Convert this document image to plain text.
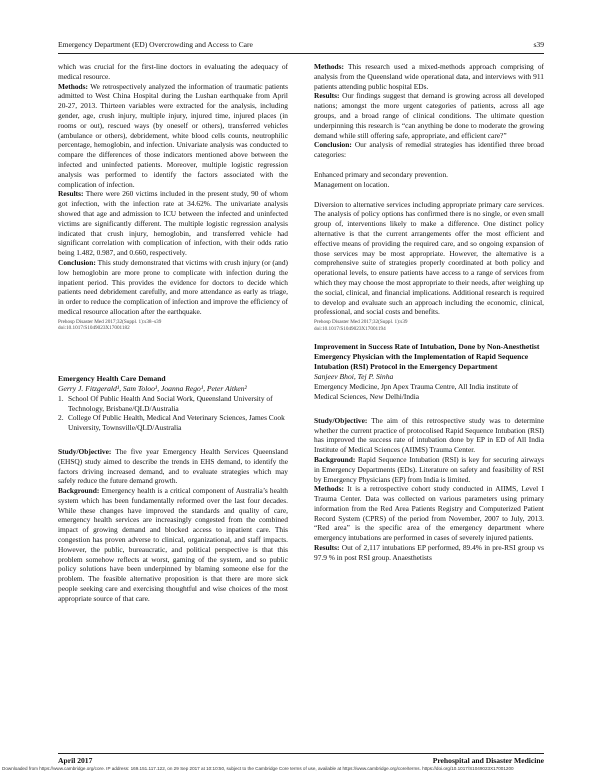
Emergency Department (ED) Overcrowding and Access to Care	s39

which was crucial for the first-line doctors in evaluating the adequacy of medical resource.

Methods: We retrospectively analyzed the information of traumatic patients admitted to West China Hospital during the Lushan earthquake from April 20-27, 2013. Thirteen variables were extracted for the analysis, including gender, age, crush injury, multiple injury, injured time, injured places (in rooms or out), rescued ways (by oneself or others), transferred vehicles (ambulance or others), debridement, white blood cells counts, neutrophilic percentage, hemoglobin, and infection. Univariate analysis was conducted to compare the differences of those indicators mentioned above between the infected and uninfected patients. Moreover, multiple logistic regression analysis was performed to identify the factors associated with the complication of infection.

Results: There were 260 victims included in the present study, 90 of whom got infection, with the infection rate at 34.62%. The univariate analysis showed that age and admission to ICU between the infected and uninfected victims are significantly different. The multiple logistic regression analysis indicated that crush injury, hemoglobin, and transferred vehicle had significant correlation with complication of infection, with their odds ratio being 1.482, 0.987, and 0.660, respectively.

Conclusion: This study demonstrated that victims with crush injury (or (and) low hemoglobin are more prone to complicate with infection during the inpatient period. This provides the evidence for doctors to decide which patients need debridement carefully, and more attendance as early as triage, in order to reduce the complication of infection and improve the efficiency of medical resource allocation after the earthquake.

Prehosp Disaster Med 2017;32(Suppl. 1):s38–s39

doi:10.1017/S1049023X17001182

Emergency Health Care Demand

Gerry J. Fitzgerald¹, Sam Toloo¹, Joanna Rego¹, Peter Aitken²

1. School Of Public Health And Social Work, Queensland University of Technology, Brisbane/QLD/Australia
2. College Of Public Health, Medical And Veterinary Sciences, James Cook University, Townsville/QLD/Australia

Study/Objective: The five year Emergency Health Services Queensland (EHSQ) study aimed to describe the trends in EHS demand, to identify the factors driving increased demand, and to evaluate strategies which may safely reduce the future demand growth.

Background: Emergency health is a critical component of Australia’s health system which has been fundamentally reformed over the last four decades. While these changes have improved the standards and quality of care, emergency health services are increasingly congested from the combined impact of growing demand and blocked access to inpatient care. This congestion has proven adverse to clinical, organizational, and staff impacts. However, the public, bureaucratic, and political perspective is that this problem somehow reflects at worst, gaming of the system, and so public policy solutions have been underpinned by blaming someone else for the problem. The feasible alternative proposition is that there are more sick people seeking care and exercising thoughtful and wise choices of the most appropriate source of that care.

Methods: This research used a mixed-methods approach comprising of analysis from the Queensland wide operational data, and interviews with 911 patients attending public hospital EDs.

Results: Our findings suggest that demand is growing across all developed nations; amongst the more urgent categories of patients, across all age groups, and a broad range of clinical conditions. The ultimate question underpinning this research is “can anything be done to moderate the growing demand while still offering safe, appropriate, and efficient care?”

Conclusion: Our analysis of remedial strategies has identified three broad categories:

Enhanced primary and secondary prevention.

Management on location.

Diversion to alternative services including appropriate primary care services. The analysis of policy options has confirmed there is no single, or even small group of, interventions likely to make a difference. One distinct policy alternative is that the current arrangements offer the most efficient and effective means of providing the required care, and so ongoing expansion of those services may be most appropriate. However, the alternative is a comprehensive suite of strategies properly coordinated at both policy and operational levels, to ensure patients have access to a range of services from which they may choose the most appropriate to their needs, after weighing up the social, clinical, and financial implications. Additional research is required to develop and evaluate such an approach including the economic, clinical, professional, and social costs and benefits.

Prehosp Disaster Med 2017;32(Suppl. 1):s39

doi:10.1017/S1049023X17001194

Improvement in Success Rate of Intubation, Done by Non-Anesthetist Emergency Physician with the Implementation of Rapid Sequence Intubation (RSI) Protocol in the Emergency Department

Sanjeev Bhoi, Tej P. Sinha

Emergency Medicine, Jpn Apex Trauma Centre, All India institute of Medical Sciences, New Delhi/India

Study/Objective: The aim of this retrospective study was to determine whether the current practice of protocolised Rapid Sequence Intubation (RSI) has improved the success rate of intubation done by EP in ED of All India Institute of Medical Sciences (AIIMS) Trauma Center.

Background: Rapid Sequence Intubation (RSI) is key for securing airways in Emergency Departments (EDs). Literature on safety and feasibility of RSI by Emergency Physicians (EP) from India is limited.

Methods: It is a retrospective cohort study conducted in AIIMS, Level I Trauma Center. Data was collected on various parameters using primary information from the Red Area Patients Registry and Computerized Patient Record System (CPRS) of the period from November, 2007 to July, 2013. “Red area” is the specific area of the emergency department where emergency intubations are performed in cases of severely injured patients.

Results: Out of 2,117 intubations EP performed, 89.4% in pre-RSI group vs 97.9 % in post RSI group. Anaesthetists

April 2017	Prehospital and Disaster Medicine
Downloaded from https://www.cambridge.org/core. IP address: 169.151.117.122, on 29 Sep 2017 at 10:10:50, subject to the Cambridge Core terms of use, available at https://www.cambridge.org/core/terms. https://doi.org/10.1017/S1049023X17001200
